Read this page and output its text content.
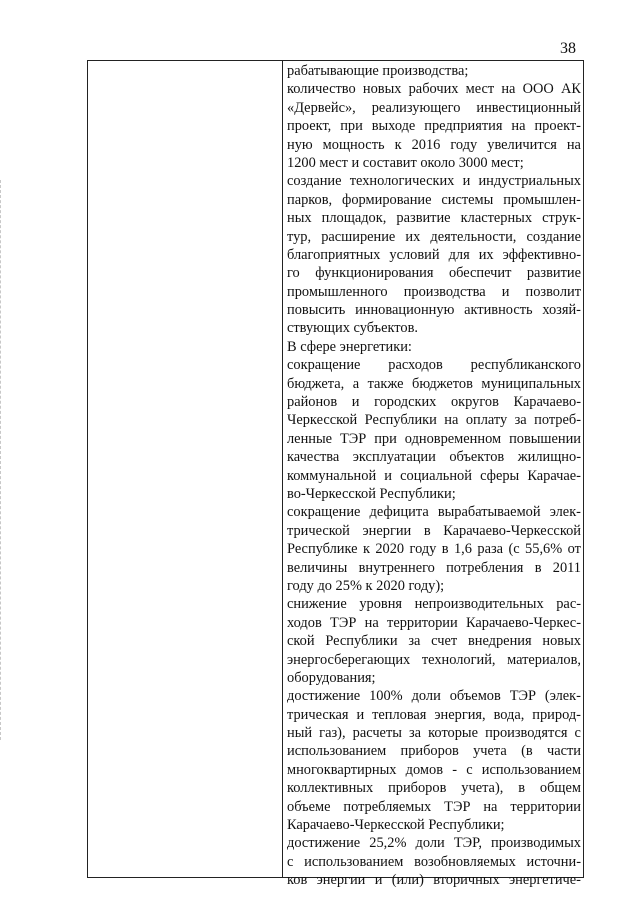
38
рабатывающие производства;
количество новых рабочих мест на ООО АК
«Дервейс», реализующего инвестиционный
проект, при выходе предприятия на проект-
ную мощность к 2016 году увеличится на
1200 мест и составит около 3000 мест;
создание технологических и индустриальных
парков, формирование системы промышлен-
ных площадок, развитие кластерных струк-
тур, расширение их деятельности, создание
благоприятных условий для их эффективно-
го функционирования обеспечит развитие
промышленного производства и позволит
повысить инновационную активность хозяй-
ствующих субъектов.
В сфере энергетики:
сокращение расходов республиканского
бюджета, а также бюджетов муниципальных
районов и городских округов Карачаево-
Черкесской Республики на оплату за потреб-
ленные ТЭР при одновременном повышении
качества эксплуатации объектов жилищно-
коммунальной и социальной сферы Карачае-
во-Черкесской Республики;
сокращение дефицита вырабатываемой элек-
трической энергии в Карачаево-Черкесской
Республике к 2020 году в 1,6 раза (с 55,6% от
величины внутреннего потребления в 2011
году до 25% к 2020 году);
снижение уровня непроизводительных рас-
ходов ТЭР на территории Карачаево-Черкес-
ской Республики за счет внедрения новых
энергосберегающих технологий, материалов,
оборудования;
достижение 100% доли объемов ТЭР (элек-
трическая и тепловая энергия, вода, природ-
ный газ), расчеты за которые производятся с
использованием приборов учета (в части
многоквартирных домов - с использованием
коллективных приборов учета), в общем
объеме потребляемых ТЭР на территории
Карачаево-Черкесской Республики;
достижение 25,2% доли ТЭР, производимых
с использованием возобновляемых источни-
ков энергии и (или) вторичных энергетиче-
